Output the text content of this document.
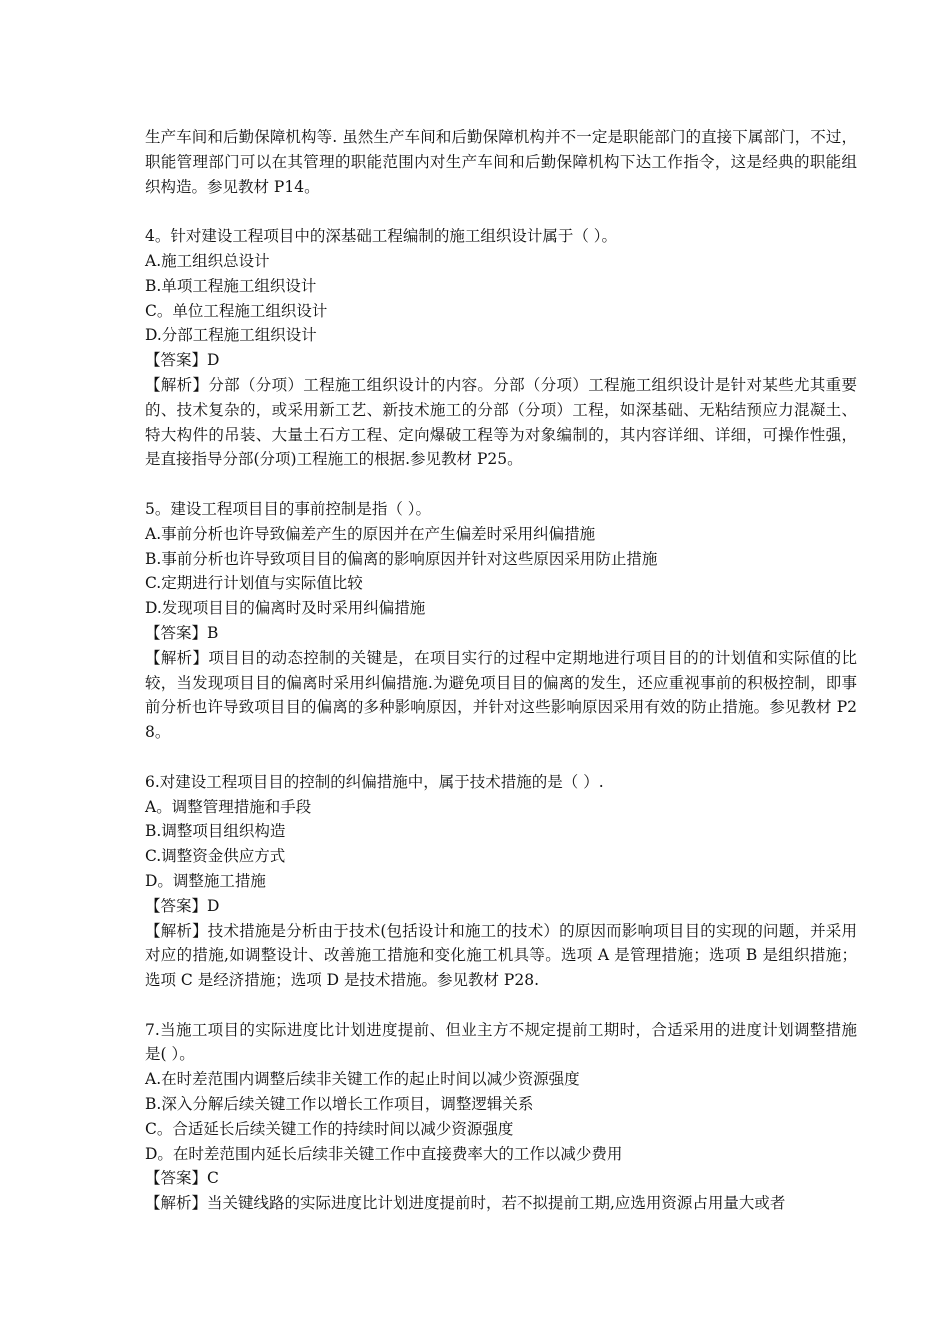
生产车间和后勤保障机构等. 虽然生产车间和后勤保障机构并不一定是职能部门的直接下属部门，不过，职能管理部门可以在其管理的职能范围内对生产车间和后勤保障机构下达工作指令，这是经典的职能组织构造。参见教材 P14。

4。针对建设工程项目中的深基础工程编制的施工组织设计属于（ ）。

A.施工组织总设计

B.单项工程施工组织设计

C。单位工程施工组织设计

D.分部工程施工组织设计

【答案】D

【解析】分部（分项）工程施工组织设计的内容。分部（分项）工程施工组织设计是针对某些尤其重要的、技术复杂的，或采用新工艺、新技术施工的分部（分项）工程，如深基础、无粘结预应力混凝土、特大构件的吊装、大量土石方工程、定向爆破工程等为对象编制的，其内容详细、详细，可操作性强，是直接指导分部(分项)工程施工的根据.参见教材 P25。

5。建设工程项目目的事前控制是指（ ）。

A.事前分析也许导致偏差产生的原因并在产生偏差时采用纠偏措施

B.事前分析也许导致项目目的偏离的影响原因并针对这些原因采用防止措施

C.定期进行计划值与实际值比较

D.发现项目目的偏离时及时采用纠偏措施

【答案】B

【解析】项目目的动态控制的关键是，在项目实行的过程中定期地进行项目目的的计划值和实际值的比较，当发现项目目的偏离时采用纠偏措施.为避免项目目的偏离的发生，还应重视事前的积极控制，即事前分析也许导致项目目的偏离的多种影响原因，并针对这些影响原因采用有效的防止措施。参见教材 P28。

6.对建设工程项目目的控制的纠偏措施中，属于技术措施的是（ ）.

A。调整管理措施和手段

B.调整项目组织构造

C.调整资金供应方式

D。调整施工措施

【答案】D

【解析】技术措施是分析由于技术(包括设计和施工的技术）的原因而影响项目目的实现的问题，并采用对应的措施,如调整设计、改善施工措施和变化施工机具等。选项 A 是管理措施；选项 B 是组织措施；选项 C 是经济措施；选项 D 是技术措施。参见教材 P28.

7.当施工项目的实际进度比计划进度提前、但业主方不规定提前工期时，合适采用的进度计划调整措施是( ）。

A.在时差范围内调整后续非关键工作的起止时间以减少资源强度

B.深入分解后续关键工作以增长工作项目，调整逻辑关系

C。合适延长后续关键工作的持续时间以减少资源强度

D。在时差范围内延长后续非关键工作中直接费率大的工作以减少费用

【答案】C

【解析】当关键线路的实际进度比计划进度提前时，若不拟提前工期,应选用资源占用量大或者
